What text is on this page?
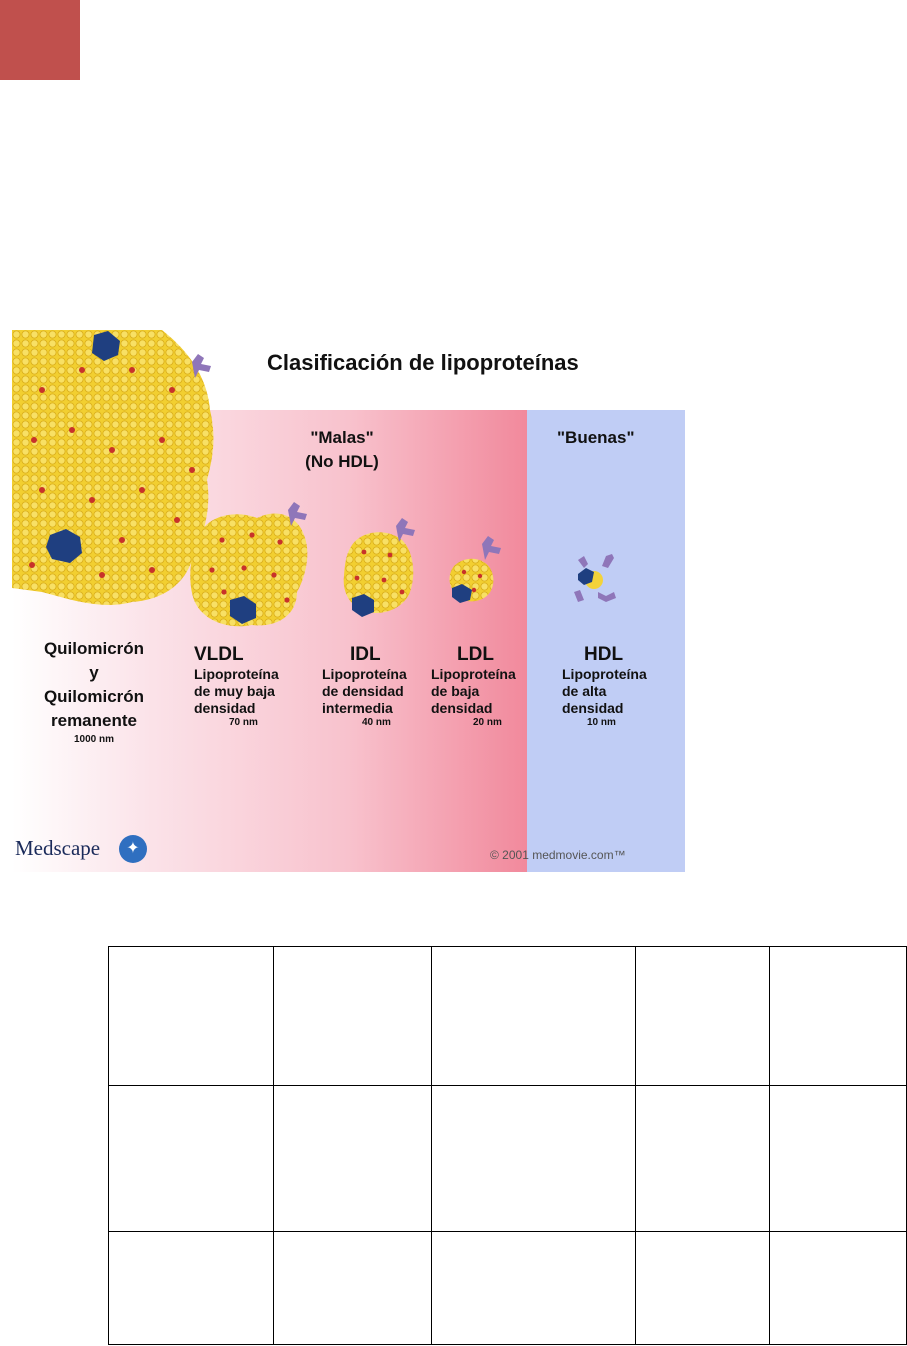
Clasificación de lipoproteínas
"Malas"
(No HDL)
"Buenas"
Quilomicrón
y
Quilomicrón
remanente
1000 nm
VLDL
Lipoproteína
de muy baja
densidad
70 nm
IDL
Lipoproteína
de densidad
intermedia
40 nm
LDL
Lipoproteína
de baja
densidad
20 nm
HDL
Lipoproteína
de alta
densidad
10 nm
Medscape	✦	© 2001 medmovie.com™
